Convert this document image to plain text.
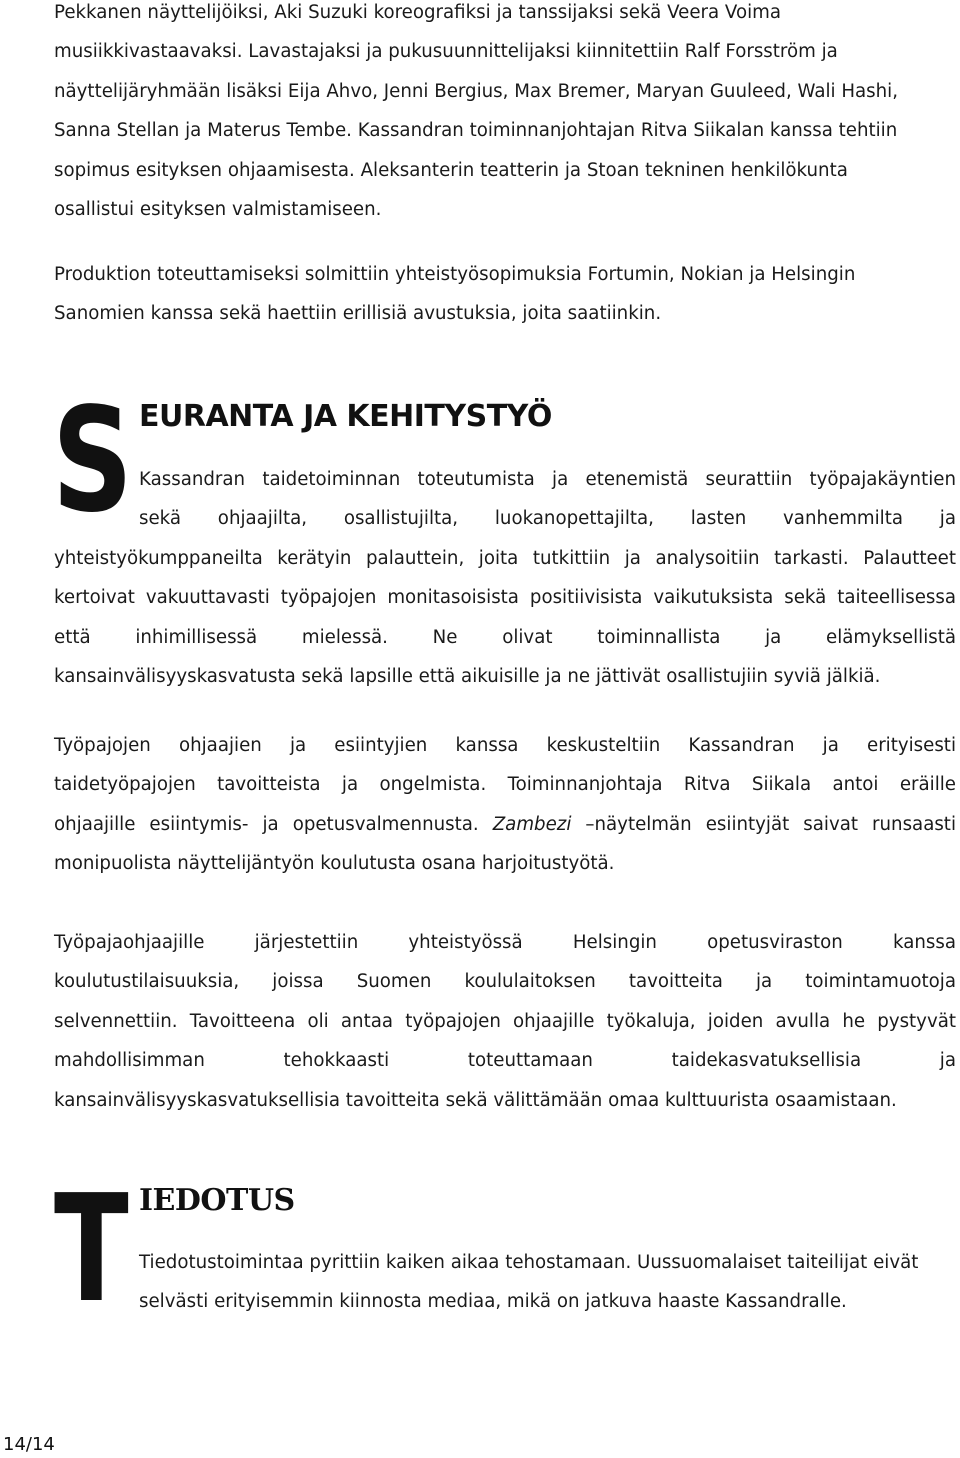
Pekkanen näyttelijöiksi, Aki Suzuki koreografiksi ja tanssijaksi sekä Veera Voima
musiikkivastaavaksi. Lavastajaksi ja pukusuunnittelijaksi kiinnitettiin Ralf Forsström ja
näyttelijäryhmään lisäksi Eija Ahvo, Jenni Bergius, Max Bremer, Maryan Guuleed, Wali Hashi,
Sanna Stellan ja Materus Tembe. Kassandran toiminnanjohtajan Ritva Siikalan kanssa tehtiin
sopimus esityksen ohjaamisesta. Aleksanterin teatterin ja Stoan tekninen henkilökunta
osallistui esityksen valmistamiseen.

Produktion toteuttamiseksi solmittiin yhteistyösopimuksia Fortumin, Nokian ja Helsingin
Sanomien kanssa sekä haettiin erillisiä avustuksia, joita saatiinkin.

S EURANTA JA KEHITYSTYÖ

Kassandran taidetoiminnan toteutumista ja etenemistä seurattiin työpajakäyntien
sekä ohjaajilta, osallistujilta, luokanopettajilta, lasten vanhemmilta ja

yhteistyökumppaneilta kerätyin palauttein, joita tutkittiin ja analysoitiin tarkasti. Palautteet
kertoivat vakuuttavasti työpajojen monitasoisista positiivisista vaikutuksista sekä taiteellisessa
että inhimillisessä mielessä. Ne olivat toiminnallista ja elämyksellistä
kansainvälisyyskasvatusta sekä lapsille että aikuisille ja ne jättivät osallistujiin syviä jälkiä.

Työpajojen ohjaajien ja esiintyjien kanssa keskusteltiin Kassandran ja erityisesti
taidetyöpajojen tavoitteista ja ongelmista. Toiminnanjohtaja Ritva Siikala antoi eräille
ohjaajille esiintymis- ja opetusvalmennusta. Zambezi –näytelmän esiintyjät saivat runsaasti
monipuolista näyttelijäntyön koulutusta osana harjoitustyötä.

Työpajaohjaajille järjestettiin yhteistyössä Helsingin opetusviraston kanssa
koulutustilaisuuksia, joissa Suomen koululaitoksen tavoitteita ja toimintamuotoja
selvennettiin. Tavoitteena oli antaa työpajojen ohjaajille työkaluja, joiden avulla he pystyvät
mahdollisimman tehokkaasti toteuttamaan taidekasvatuksellisia ja
kansainvälisyyskasvatuksellisia tavoitteita sekä välittämään omaa kulttuurista osaamistaan.

T IEDOTUS

Tiedotustoimintaa pyrittiin kaiken aikaa tehostamaan. Uussuomalaiset taiteilijat eivät
selvästi erityisemmin kiinnosta mediaa, mikä on jatkuva haaste Kassandralle.

14/14
